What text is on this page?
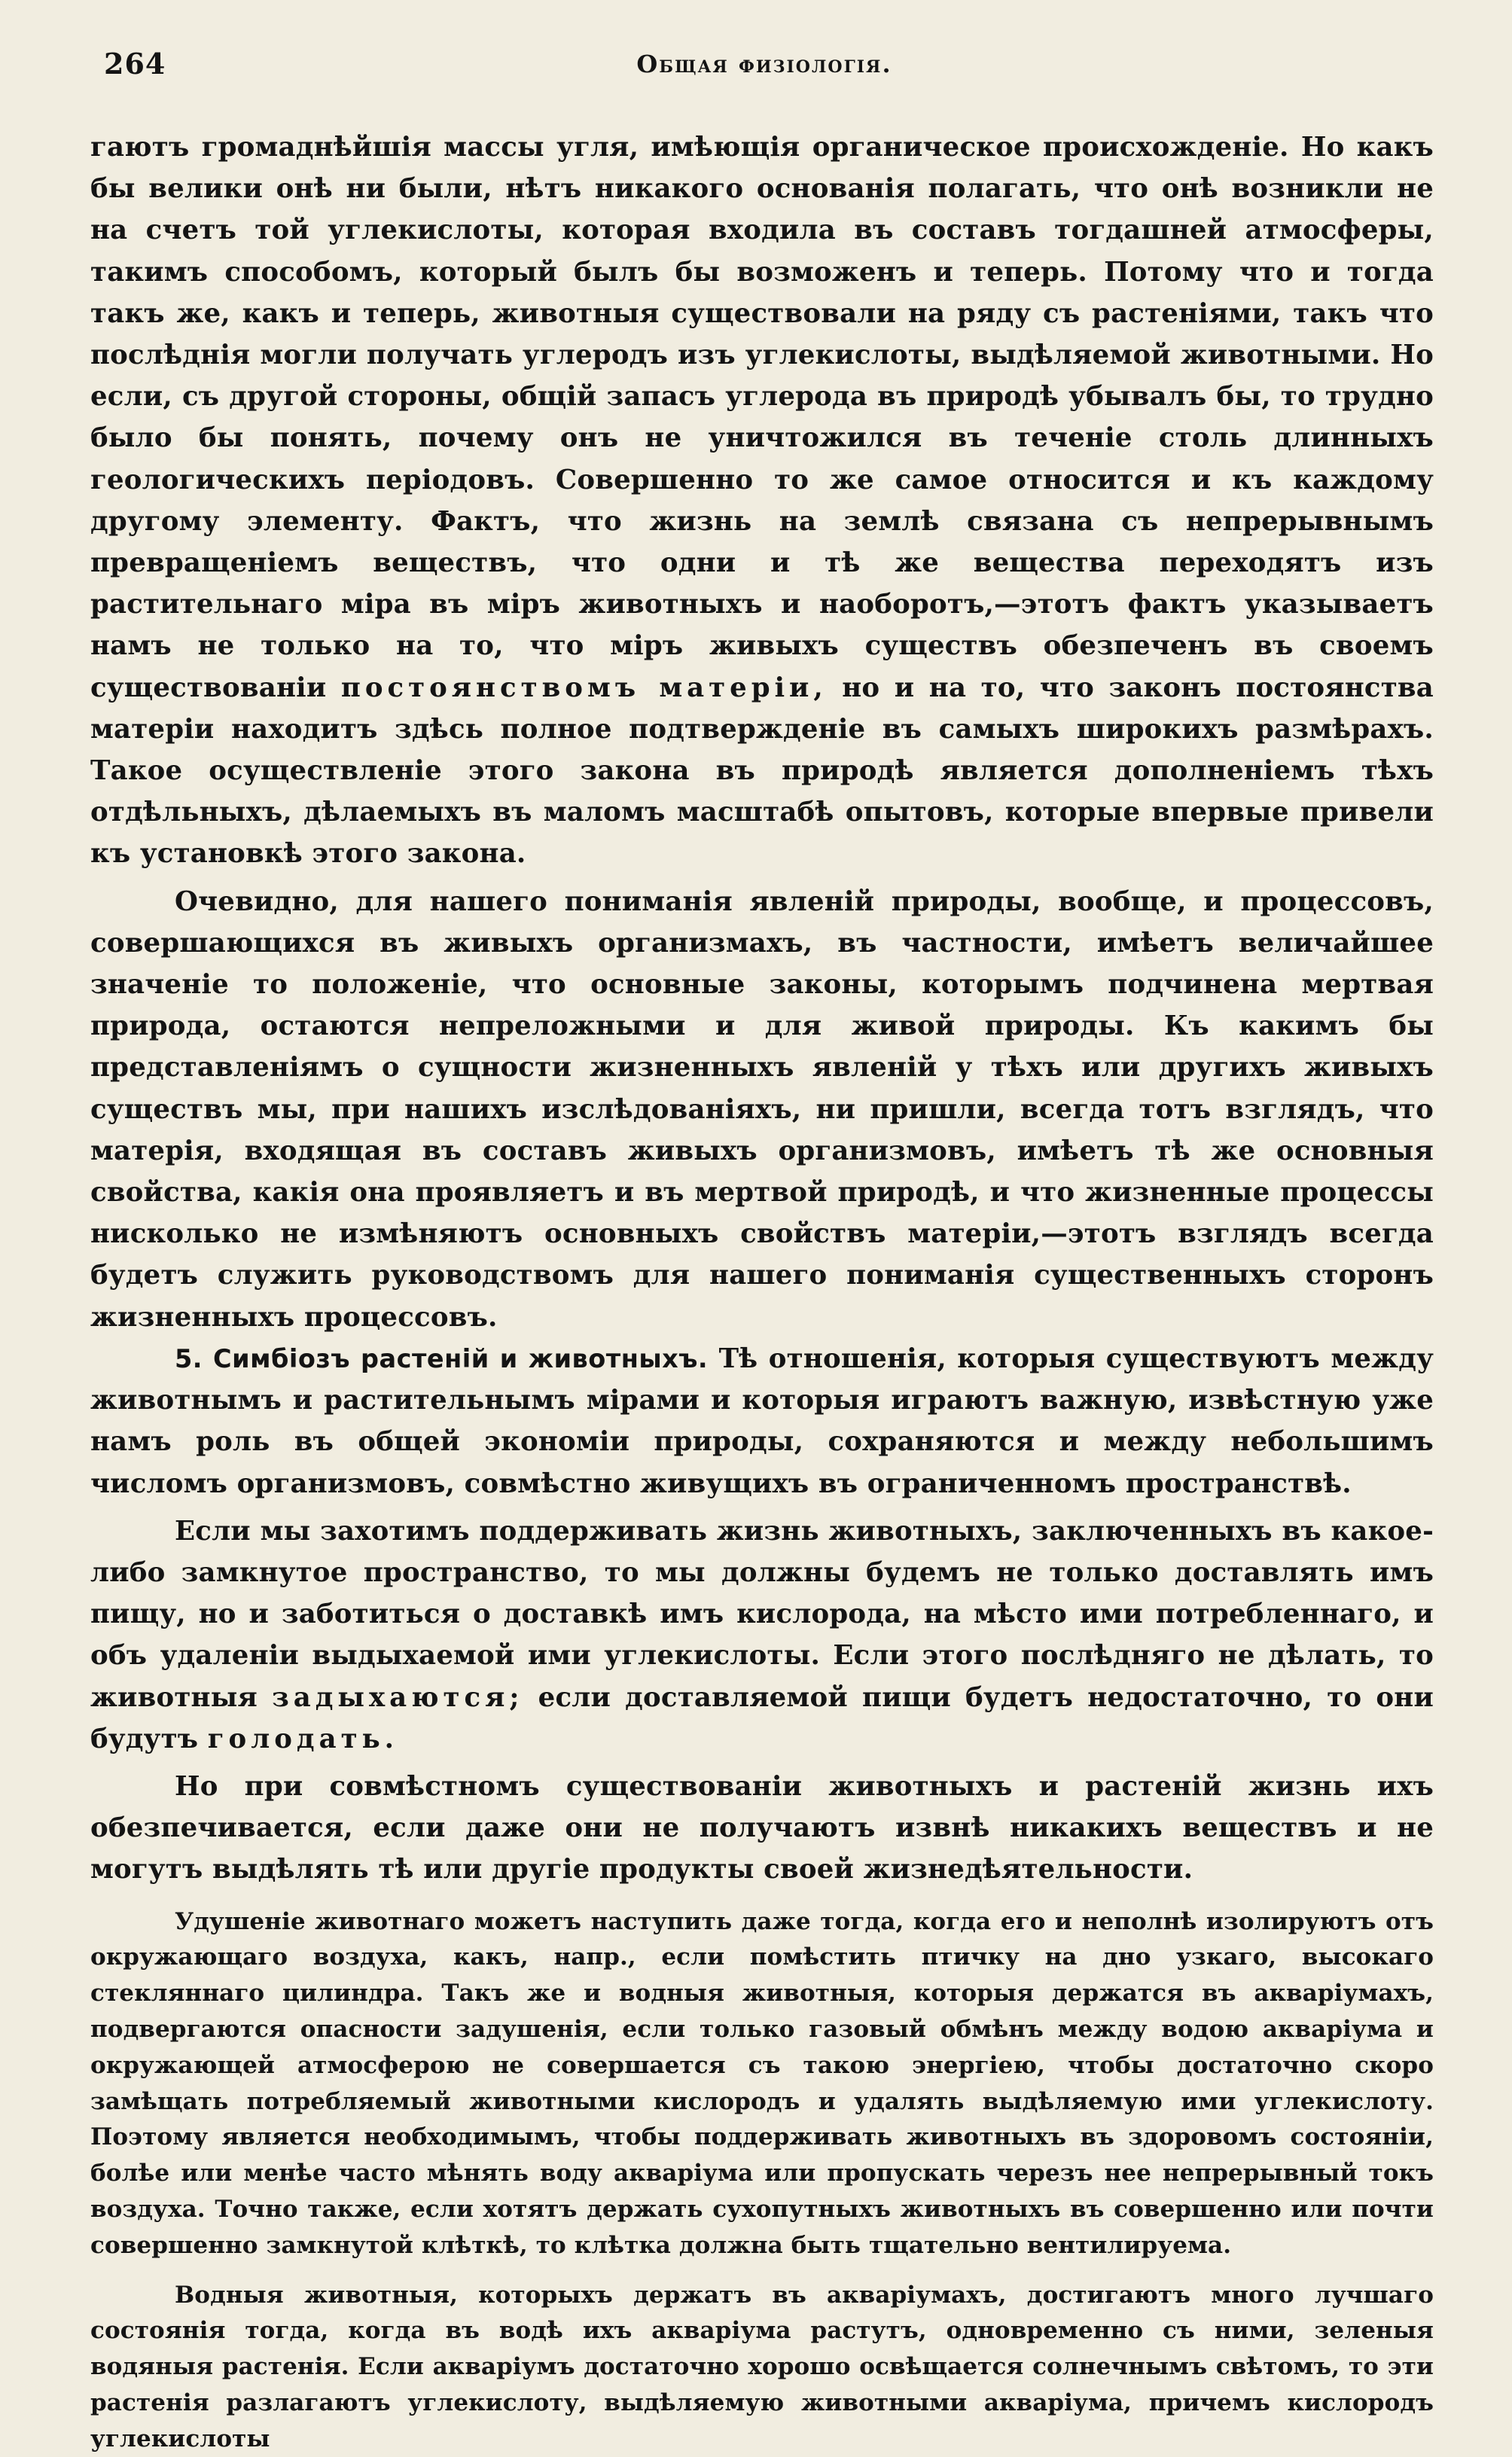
264	Общая физiологiя.

гаютъ громаднѣйшiя массы угля, имѣющiя органическое происхожденiе. Но какъ бы велики онѣ ни были, нѣтъ никакого основанiя полагать, что онѣ возникли не на счетъ той углекислоты, которая входила въ составъ тогдашней атмосферы, такимъ способомъ, который былъ бы возможенъ и теперь. Потому что и тогда такъ же, какъ и теперь, животныя существовали на ряду съ растенiями, такъ что послѣднiя могли получать углеродъ изъ углекислоты, выдѣляемой животными. Но если, съ другой стороны, общiй запасъ углерода въ природѣ убывалъ бы, то трудно было бы понять, почему онъ не уничтожился въ теченiе столь длинныхъ геологическихъ перiодовъ. Совершенно то же самое относится и къ каждому другому элементу. Фактъ, что жизнь на землѣ связана съ непрерывнымъ превращенiемъ веществъ, что одни и тѣ же вещества переходятъ изъ растительнаго мiра въ мiръ животныхъ и наоборотъ,—этотъ фактъ указываетъ намъ не только на то, что мiръ живыхъ существъ обезпеченъ въ своемъ существованiи постоянствомъ матерiи, но и на то, что законъ постоянства матерiи находитъ здѣсь полное подтвержденiе въ самыхъ широкихъ размѣрахъ. Такое осуществленiе этого закона въ природѣ является дополненiемъ тѣхъ отдѣльныхъ, дѣлаемыхъ въ маломъ масштабѣ опытовъ, которые впервые привели къ установкѣ этого закона.

Очевидно, для нашего пониманiя явленiй природы, вообще, и процессовъ, совершающихся въ живыхъ организмахъ, въ частности, имѣетъ величайшее значенiе то положенiе, что основные законы, которымъ подчинена мертвая природа, остаются непреложными и для живой природы. Къ какимъ бы представленiямъ о сущности жизненныхъ явленiй у тѣхъ или другихъ живыхъ существъ мы, при нашихъ изслѣдованiяхъ, ни пришли, всегда тотъ взглядъ, что матерiя, входящая въ составъ живыхъ организмовъ, имѣетъ тѣ же основныя свойства, какiя она проявляетъ и въ мертвой природѣ, и что жизненные процессы нисколько не измѣняютъ основныхъ свойствъ матерiи,—этотъ взглядъ всегда будетъ служить руководствомъ для нашего пониманiя существенныхъ сторонъ жизненныхъ процессовъ.

5. Симбiозъ растенiй и животныхъ. Тѣ отношенiя, которыя существуютъ между животнымъ и растительнымъ мiрами и которыя играютъ важную, извѣстную уже намъ роль въ общей экономiи природы, сохраняются и между небольшимъ числомъ организмовъ, совмѣстно живущихъ въ ограниченномъ пространствѣ.

Если мы захотимъ поддерживать жизнь животныхъ, заключенныхъ въ какое-либо замкнутое пространство, то мы должны будемъ не только доставлять имъ пищу, но и заботиться о доставкѣ имъ кислорода, на мѣсто ими потребленнаго, и объ удаленiи выдыхаемой ими углекислоты. Если этого послѣдняго не дѣлать, то животныя задыхаются; если доставляемой пищи будетъ недостаточно, то они будутъ голодать.

Но при совмѣстномъ существованiи животныхъ и растенiй жизнь ихъ обезпечивается, если даже они не получаютъ извнѣ никакихъ веществъ и не могутъ выдѣлять тѣ или другiе продукты своей жизнедѣятельности.

Удушенiе животнаго можетъ наступить даже тогда, когда его и неполнѣ изолируютъ отъ окружающаго воздуха, какъ, напр., если помѣстить птичку на дно узкаго, высокаго стекляннаго цилиндра. Такъ же и водныя животныя, которыя держатся въ акварiумахъ, подвергаются опасности задушенiя, если только газовый обмѣнъ между водою акварiума и окружающей атмосферою не совершается съ такою энергiею, чтобы достаточно скоро замѣщать потребляемый животными кислородъ и удалять выдѣляемую ими углекислоту. Поэтому является необходимымъ, чтобы поддерживать животныхъ въ здоровомъ состоянiи, болѣе или менѣе часто мѣнять воду акварiума или пропускать черезъ нее непрерывный токъ воздуха. Точно также, если хотятъ держать сухопутныхъ животныхъ въ совершенно или почти совершенно замкнутой клѣткѣ, то клѣтка должна быть тщательно вентилируема.

Водныя животныя, которыхъ держатъ въ акварiумахъ, достигаютъ много лучшаго состоянiя тогда, когда въ водѣ ихъ акварiума растутъ, одновременно съ ними, зеленыя водяныя растенiя. Если акварiумъ достаточно хорошо освѣщается солнечнымъ свѣтомъ, то эти растенiя разлагаютъ углекислоту, выдѣляемую животными акварiума, причемъ кислородъ углекислоты
